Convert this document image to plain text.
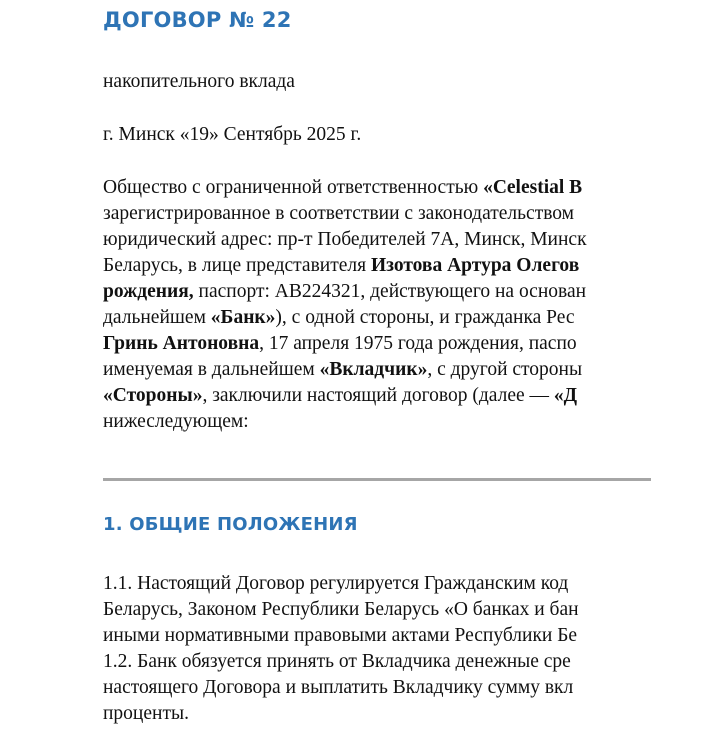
ДОГОВОР № 22

накопительного вклада

г. Минск «19» Сентябрь 2025 г.

Общество с ограниченной ответственностью «Celestial B

зарегистрированное в соответствии с законодательством

юридический адрес: пр-т Победителей 7А, Минск, Минск

Беларусь, в лице представителя Изотова Артура Олегов

рождения, паспорт: AB224321, действующего на основан

дальнейшем «Банк»), с одной стороны, и гражданка Рес

Гринь Антоновна, 17 апреля 1975 года рождения, паспо

именуемая в дальнейшем «Вкладчик», с другой стороны

«Стороны», заключили настоящий договор (далее — «Д

нижеследующем:

1. ОБЩИЕ ПОЛОЖЕНИЯ

1.1. Настоящий Договор регулируется Гражданским код

Беларусь, Законом Республики Беларусь «О банках и бан

иными нормативными правовыми актами Республики Бе

1.2. Банк обязуется принять от Вкладчика денежные сре

настоящего Договора и выплатить Вкладчику сумму вкл

проценты.
